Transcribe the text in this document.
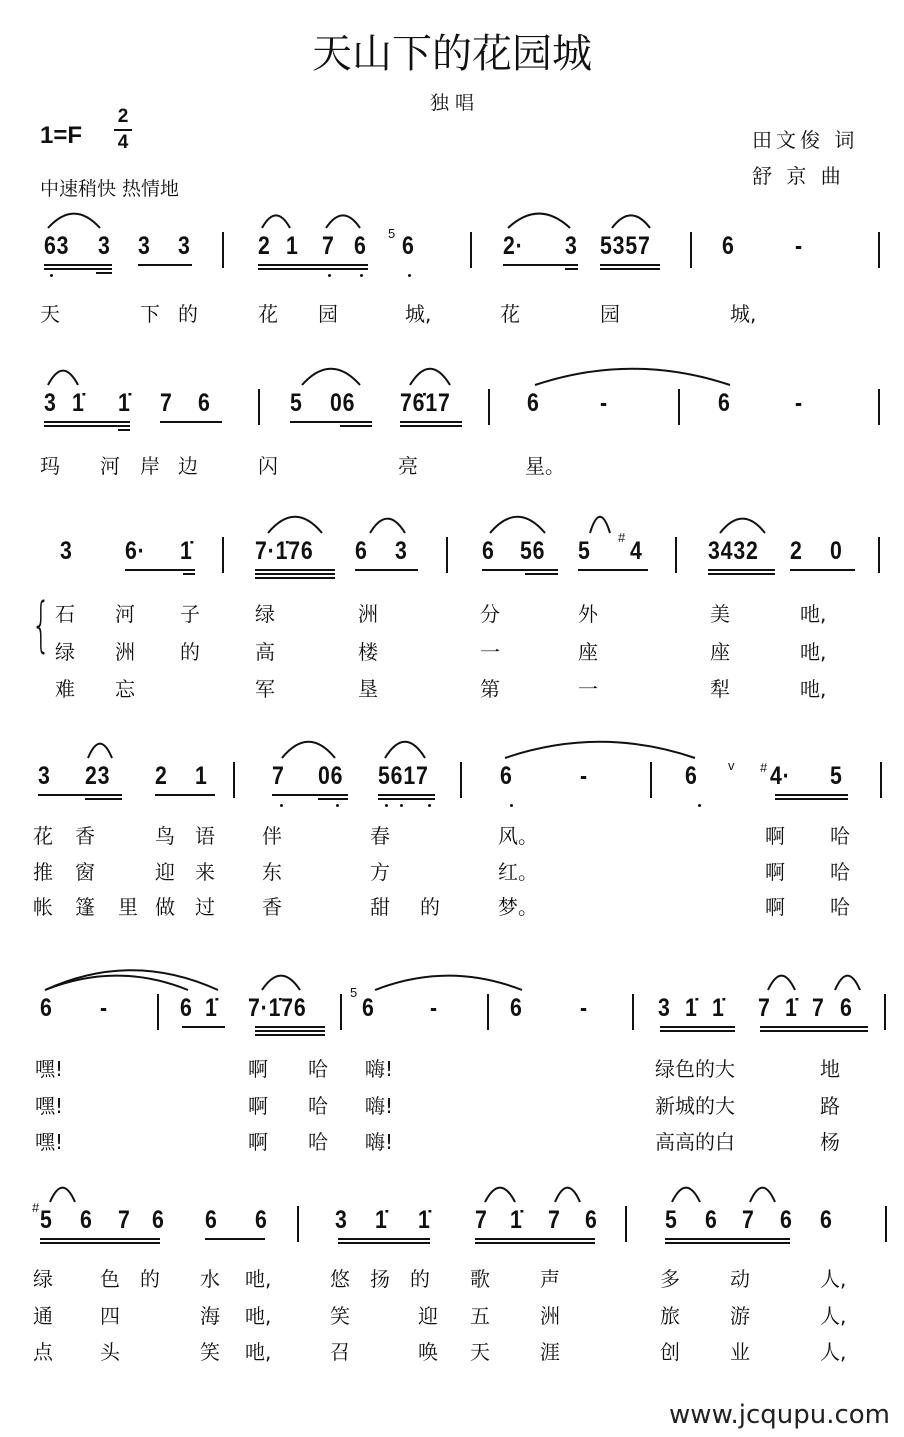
天山下的花园城
独 唱
1=F
2
4	田文俊 词
舒 京 曲
中速稍快 热情地
www.jcqupu.com
63 3 3 3	2 1 7 6 6	2· 3 5357	6 -
5
天	下 的	花 园	城,	花	园	城,
3 1̇ 1̇ 7 6	5 06 76̇17	6 -	6	-
玛 河 岸 边	闪	亮	星。
3 6· 1̇ 7·1̇76 6 3	6 56 5 4	3432 2 0
#
石 河 子	绿	洲	分	外	美	吔,
绿 洲 的	高	楼	一	座	座	吔,
难 忘	军	垦	第	一	犁	吔,
{
3 23 2 1	7 06 5617	6	-	6	4· 5
v #
花 香	鸟 语 伴	春	风。	啊 哈
推 窗	迎 来 东	方	红。	啊 哈
帐 篷 里 做 过 香	甜 的	梦。	啊 哈
6 -	6 1̇ 7·1̇76 6 -	6 -	3 1̇ 1̇ 7 1̇ 7 6
5
嘿!	啊 哈 嗨!	绿色的大	地
嘿!	啊 哈 嗨!	新城的大	路
嘿!	啊 哈 嗨!	高高的白	杨
5 6 7 6 6 6	3 1̇ 1̇ 7 1̇ 7 6	5 6 7 6 6
#
绿 色 的 水 吔,	悠 扬 的 歌	声	多	动	人,
通 四	海 吔,	笑	迎 五	洲	旅	游	人,
点 头	笑 吔,	召	唤 天	涯	创	业	人,
